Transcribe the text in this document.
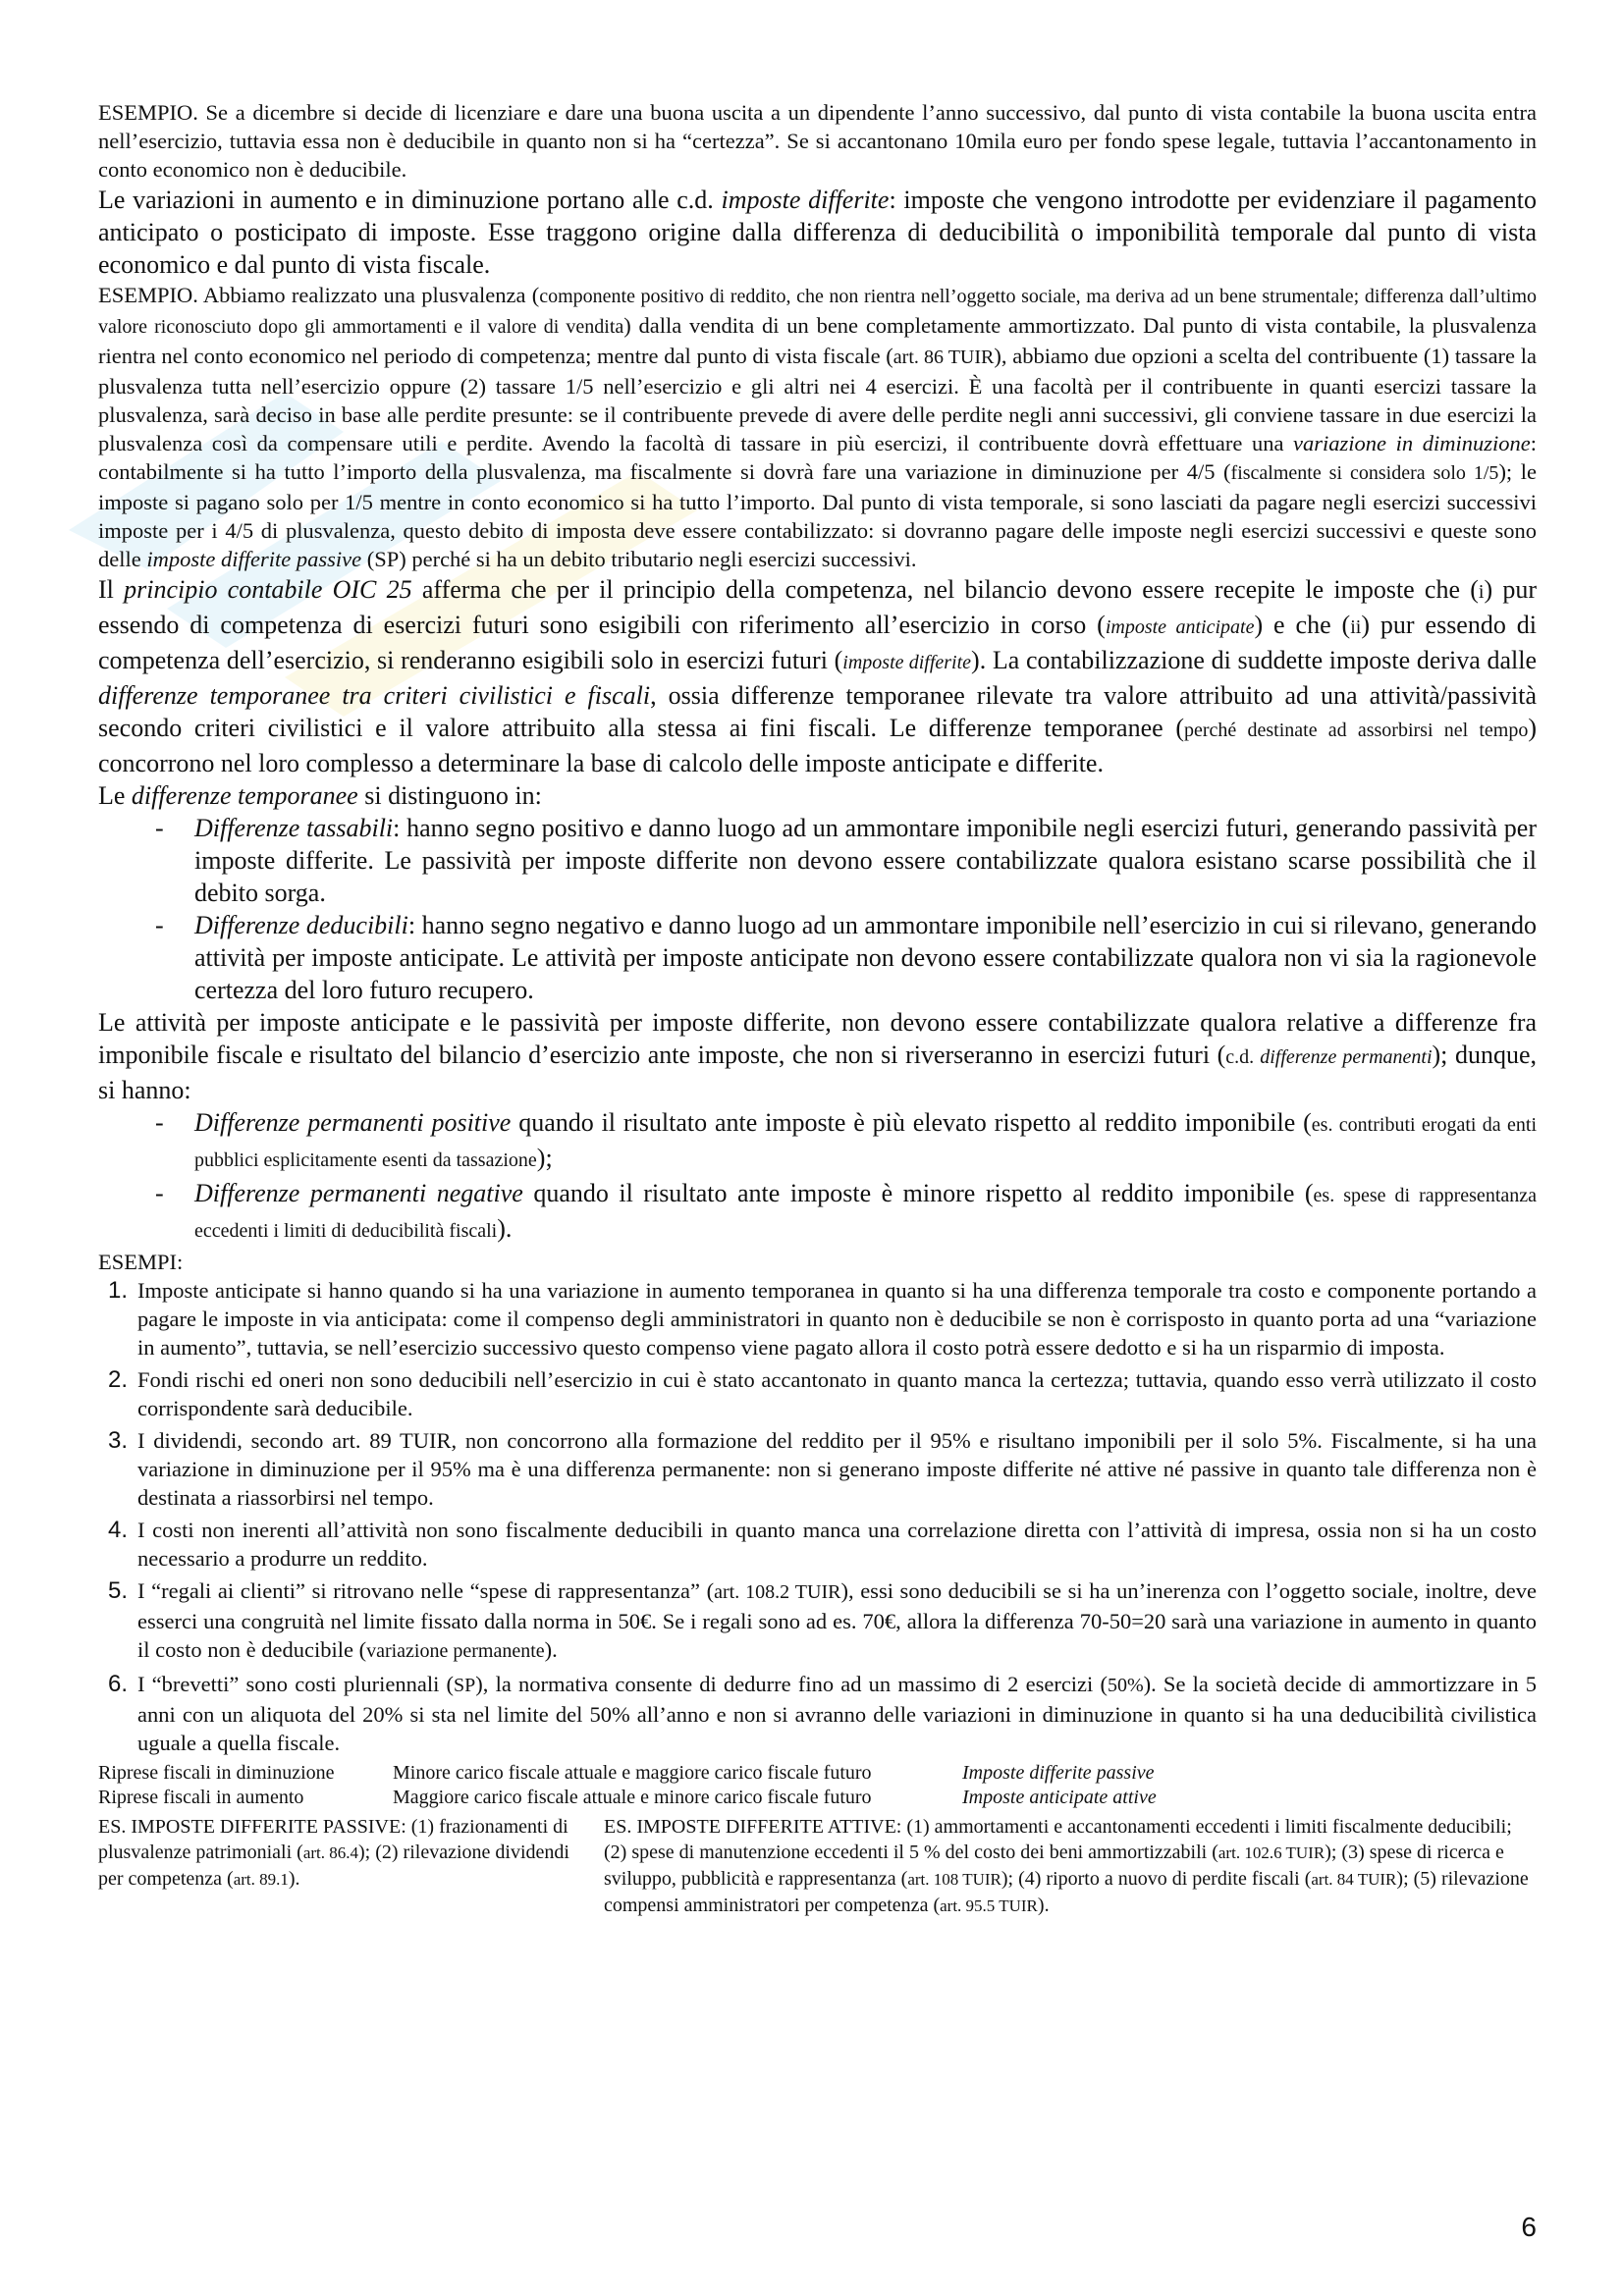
ESEMPIO. Se a dicembre si decide di licenziare e dare una buona uscita a un dipendente l’anno successivo, dal punto di vista contabile la buona uscita entra nell’esercizio, tuttavia essa non è deducibile in quanto non si ha “certezza”. Se si accantonano 10mila euro per fondo spese legale, tuttavia l’accantonamento in conto economico non è deducibile.

Le variazioni in aumento e in diminuzione portano alle c.d. imposte differite: imposte che vengono introdotte per evidenziare il pagamento anticipato o posticipato di imposte. Esse traggono origine dalla differenza di deducibilità o imponibilità temporale dal punto di vista economico e dal punto di vista fiscale.

ESEMPIO. Abbiamo realizzato una plusvalenza (componente positivo di reddito, che non rientra nell’oggetto sociale, ma deriva ad un bene strumentale; differenza dall’ultimo valore riconosciuto dopo gli ammortamenti e il valore di vendita) dalla vendita di un bene completamente ammortizzato. Dal punto di vista contabile, la plusvalenza rientra nel conto economico nel periodo di competenza; mentre dal punto di vista fiscale (art. 86 TUIR), abbiamo due opzioni a scelta del contribuente (1) tassare la plusvalenza tutta nell’esercizio oppure (2) tassare 1/5 nell’esercizio e gli altri nei 4 esercizi. È una facoltà per il contribuente in quanti esercizi tassare la plusvalenza, sarà deciso in base alle perdite presunte: se il contribuente prevede di avere delle perdite negli anni successivi, gli conviene tassare in due esercizi la plusvalenza così da compensare utili e perdite. Avendo la facoltà di tassare in più esercizi, il contribuente dovrà effettuare una variazione in diminuzione: contabilmente si ha tutto l’importo della plusvalenza, ma fiscalmente si dovrà fare una variazione in diminuzione per 4/5 (fiscalmente si considera solo 1/5); le imposte si pagano solo per 1/5 mentre in conto economico si ha tutto l’importo. Dal punto di vista temporale, si sono lasciati da pagare negli esercizi successivi imposte per i 4/5 di plusvalenza, questo debito di imposta deve essere contabilizzato: si dovranno pagare delle imposte negli esercizi successivi e queste sono delle imposte differite passive (SP) perché si ha un debito tributario negli esercizi successivi.

Il principio contabile OIC 25 afferma che per il principio della competenza, nel bilancio devono essere recepite le imposte che (i) pur essendo di competenza di esercizi futuri sono esigibili con riferimento all’esercizio in corso (imposte anticipate) e che (ii) pur essendo di competenza dell’esercizio, si renderanno esigibili solo in esercizi futuri (imposte differite). La contabilizzazione di suddette imposte deriva dalle differenze temporanee tra criteri civilistici e fiscali, ossia differenze temporanee rilevate tra valore attribuito ad una attività/passività secondo criteri civilistici e il valore attribuito alla stessa ai fini fiscali. Le differenze temporanee (perché destinate ad assorbirsi nel tempo) concorrono nel loro complesso a determinare la base di calcolo delle imposte anticipate e differite.

Le differenze temporanee si distinguono in:

-	Differenze tassabili: hanno segno positivo e danno luogo ad un ammontare imponibile negli esercizi futuri, generando passività per imposte differite. Le passività per imposte differite non devono essere contabilizzate qualora esistano scarse possibilità che il debito sorga.
-	Differenze deducibili: hanno segno negativo e danno luogo ad un ammontare imponibile nell’esercizio in cui si rilevano, generando attività per imposte anticipate. Le attività per imposte anticipate non devono essere contabilizzate qualora non vi sia la ragionevole certezza del loro futuro recupero.

Le attività per imposte anticipate e le passività per imposte differite, non devono essere contabilizzate qualora relative a differenze fra imponibile fiscale e risultato del bilancio d’esercizio ante imposte, che non si riverseranno in esercizi futuri (c.d. differenze permanenti); dunque, si hanno:

-	Differenze permanenti positive quando il risultato ante imposte è più elevato rispetto al reddito imponibile (es. contributi erogati da enti pubblici esplicitamente esenti da tassazione);
-	Differenze permanenti negative quando il risultato ante imposte è minore rispetto al reddito imponibile (es. spese di rappresentanza eccedenti i limiti di deducibilità fiscali).

ESEMPI:

1. Imposte anticipate si hanno quando si ha una variazione in aumento temporanea in quanto si ha una differenza temporale tra costo e componente portando a pagare le imposte in via anticipata: come il compenso degli amministratori in quanto non è deducibile se non è corrisposto in quanto porta ad una “variazione in aumento”, tuttavia, se nell’esercizio successivo questo compenso viene pagato allora il costo potrà essere dedotto e si ha un risparmio di imposta.
2. Fondi rischi ed oneri non sono deducibili nell’esercizio in cui è stato accantonato in quanto manca la certezza; tuttavia, quando esso verrà utilizzato il costo corrispondente sarà deducibile.
3. I dividendi, secondo art. 89 TUIR, non concorrono alla formazione del reddito per il 95% e risultano imponibili per il solo 5%. Fiscalmente, si ha una variazione in diminuzione per il 95% ma è una differenza permanente: non si generano imposte differite né attive né passive in quanto tale differenza non è destinata a riassorbirsi nel tempo.
4. I costi non inerenti all’attività non sono fiscalmente deducibili in quanto manca una correlazione diretta con l’attività di impresa, ossia non si ha un costo necessario a produrre un reddito.
5. I “regali ai clienti” si ritrovano nelle “spese di rappresentanza” (art. 108.2 TUIR), essi sono deducibili se si ha un’inerenza con l’oggetto sociale, inoltre, deve esserci una congruità nel limite fissato dalla norma in 50€. Se i regali sono ad es. 70€, allora la differenza 70-50=20 sarà una variazione in aumento in quanto il costo non è deducibile (variazione permanente).
6. I “brevetti” sono costi pluriennali (SP), la normativa consente di dedurre fino ad un massimo di 2 esercizi (50%). Se la società decide di ammortizzare in 5 anni con un aliquota del 20% si sta nel limite del 50% all’anno e non si avranno delle variazioni in diminuzione in quanto si ha una deducibilità civilistica uguale a quella fiscale.
Riprese fiscali in diminuzione	Minore carico fiscale attuale e maggiore carico fiscale futuro	Imposte differite passive
Riprese fiscali in aumento	Maggiore carico fiscale attuale e minore carico fiscale futuro	Imposte anticipate attive
ES. IMPOSTE DIFFERITE PASSIVE: (1) frazionamenti di plusvalenze patrimoniali (art. 86.4); (2) rilevazione dividendi per competenza (art. 89.1).
ES. IMPOSTE DIFFERITE ATTIVE: (1) ammortamenti e accantonamenti eccedenti i limiti fiscalmente deducibili; (2) spese di manutenzione eccedenti il 5 % del costo dei beni ammortizzabili (art. 102.6 TUIR); (3) spese di ricerca e sviluppo, pubblicità e rappresentanza (art. 108 TUIR); (4) riporto a nuovo di perdite fiscali (art. 84 TUIR); (5) rilevazione compensi amministratori per competenza (art. 95.5 TUIR).
6
